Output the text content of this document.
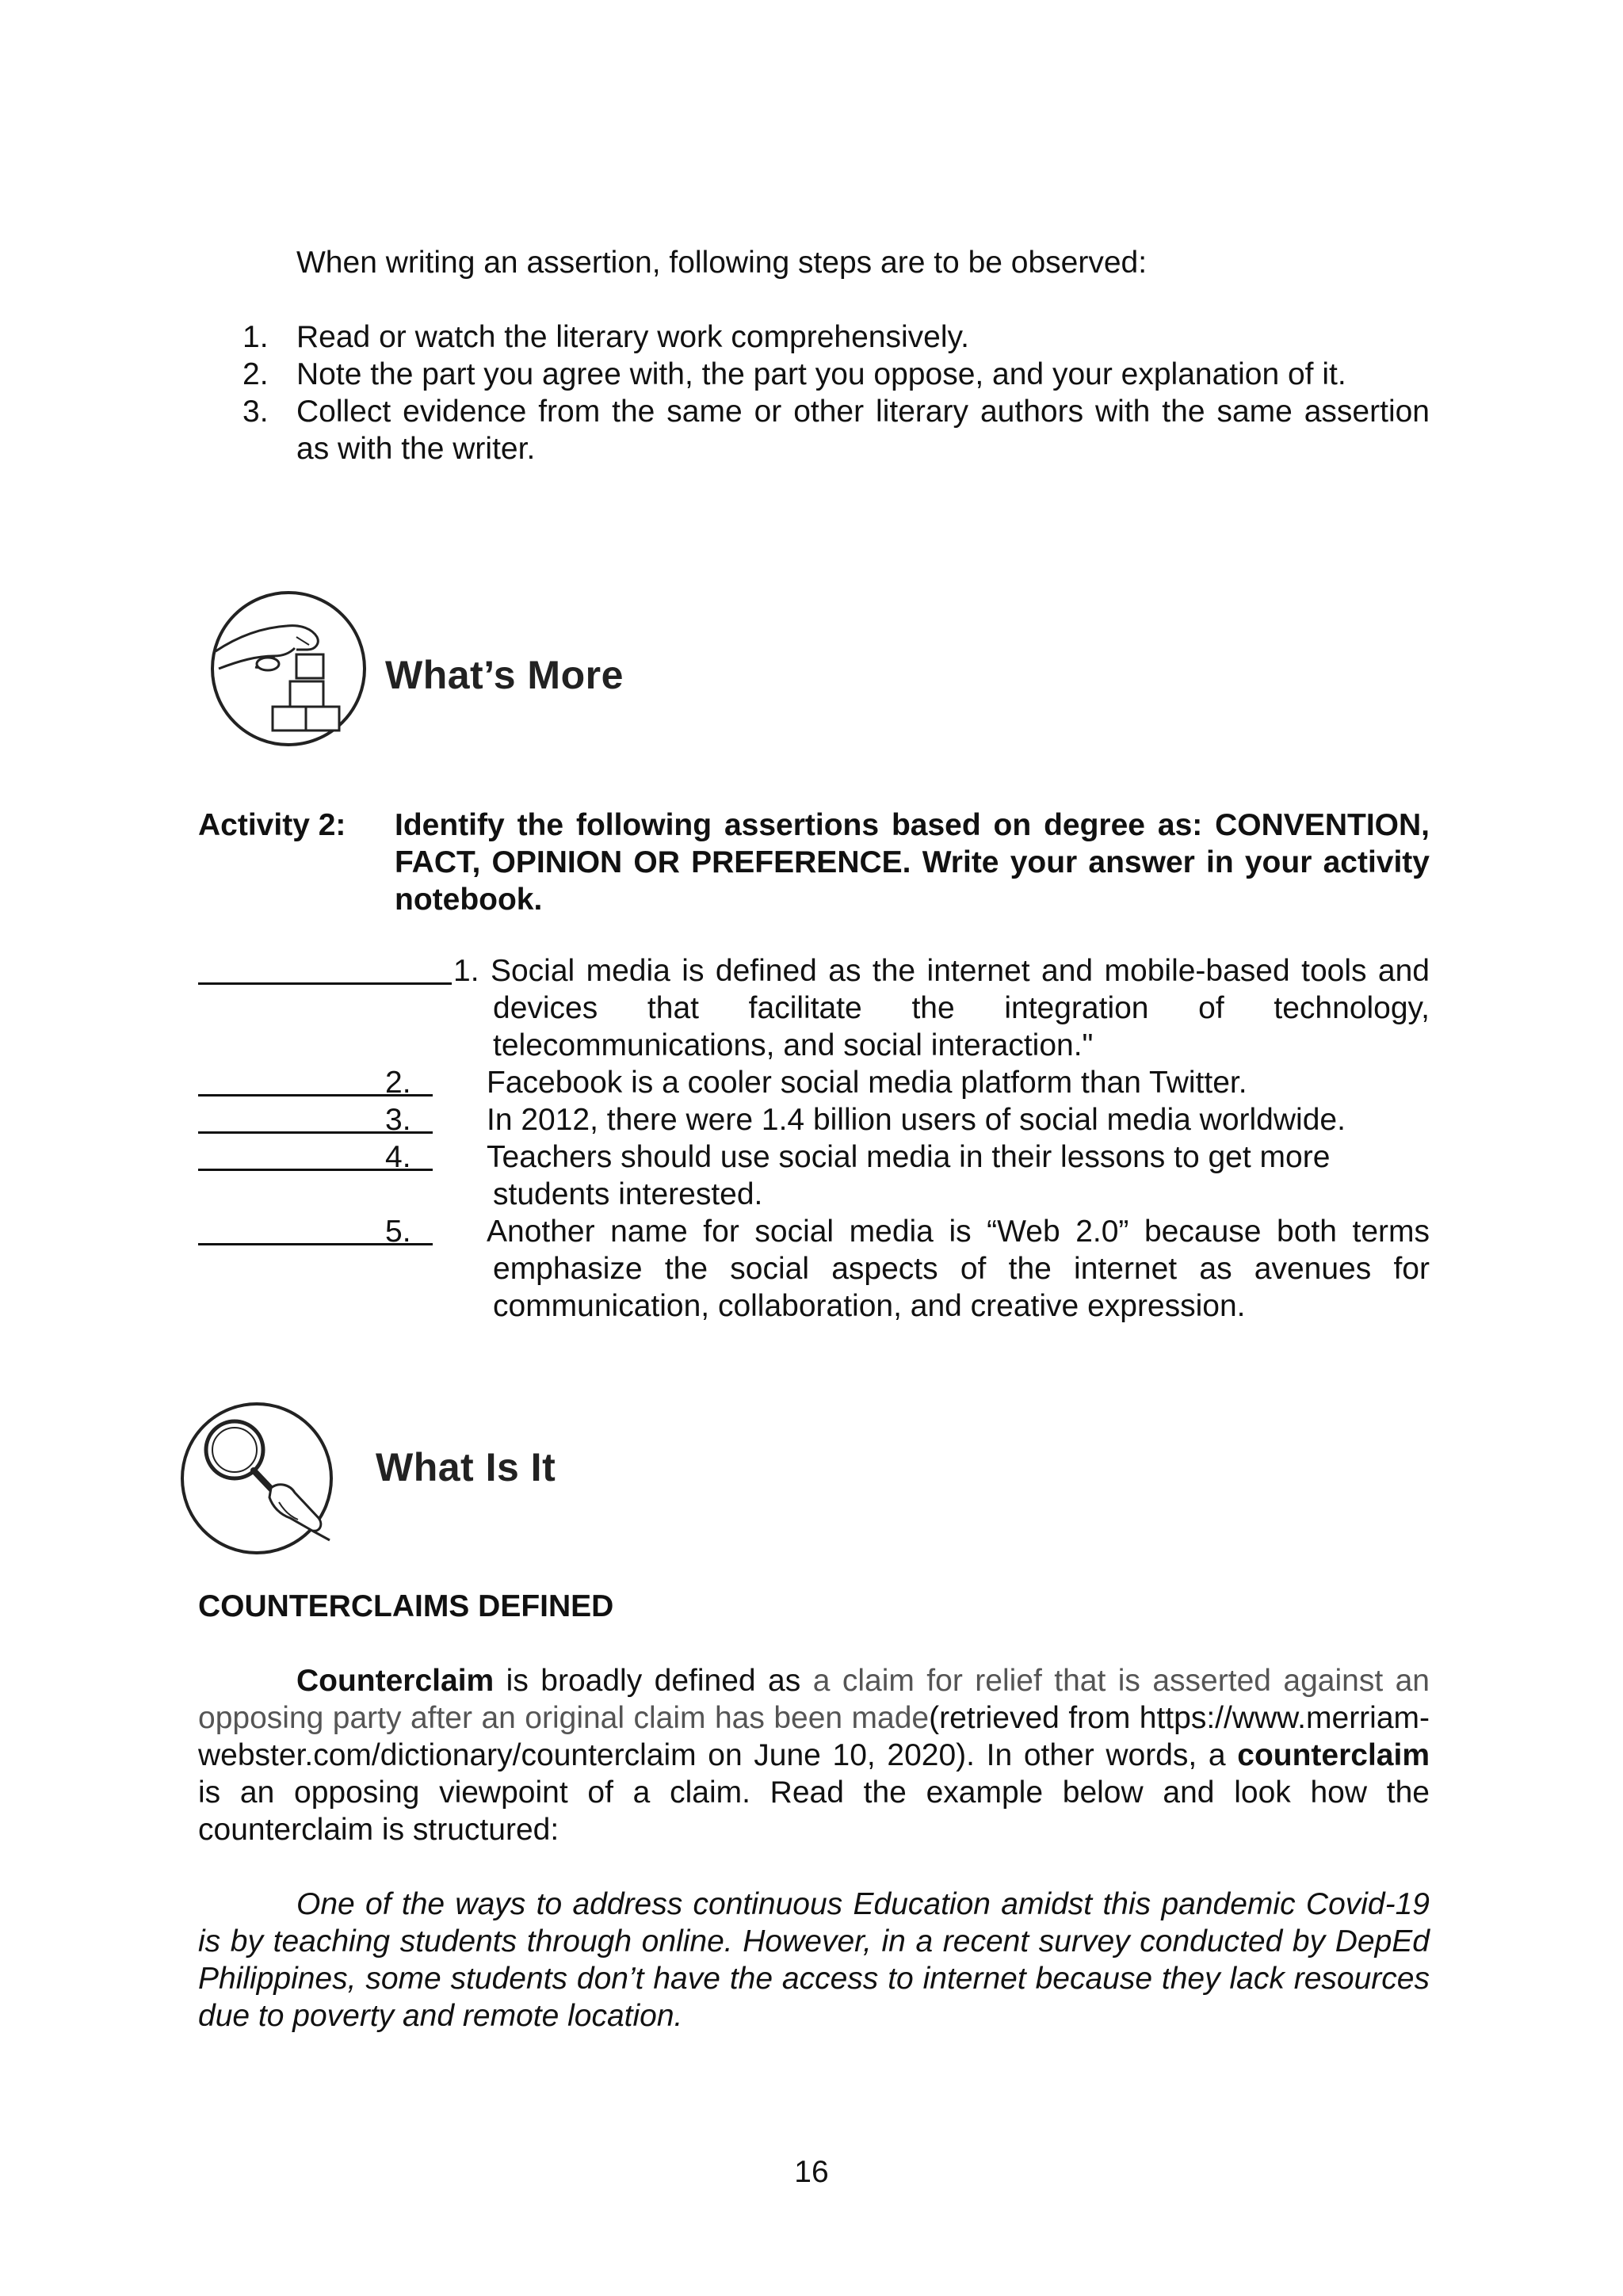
When writing an assertion, following steps are to be observed:
1. Read or watch the literary work comprehensively.
2. Note the part you agree with, the part you oppose, and your explanation of it.
3. Collect evidence from the same or other literary authors with the same assertion as with the writer.
What’s More
Activity 2: Identify the following assertions based on degree as: CONVENTION, FACT, OPINION OR PREFERENCE. Write your answer in your activity notebook.
1. Social media is defined as the internet and mobile-based tools and devices that facilitate the integration of technology, telecommunications, and social interaction."
2. Facebook is a cooler social media platform than Twitter.
3. In 2012, there were 1.4 billion users of social media worldwide.
4. Teachers should use social media in their lessons to get more students interested.
5. Another name for social media is “Web 2.0” because both terms emphasize the social aspects of the internet as avenues for communication, collaboration, and creative expression.
What Is It
COUNTERCLAIMS DEFINED
Counterclaim is broadly defined as a claim for relief that is asserted against an opposing party after an original claim has been made(retrieved from https://www.merriam-webster.com/dictionary/counterclaim on June 10, 2020). In other words, a counterclaim is an opposing viewpoint of a claim. Read the example below and look how the counterclaim is structured:
One of the ways to address continuous Education amidst this pandemic Covid-19 is by teaching students through online. However, in a recent survey conducted by DepEd Philippines, some students don’t have the access to internet because they lack resources due to poverty and remote location.
16
